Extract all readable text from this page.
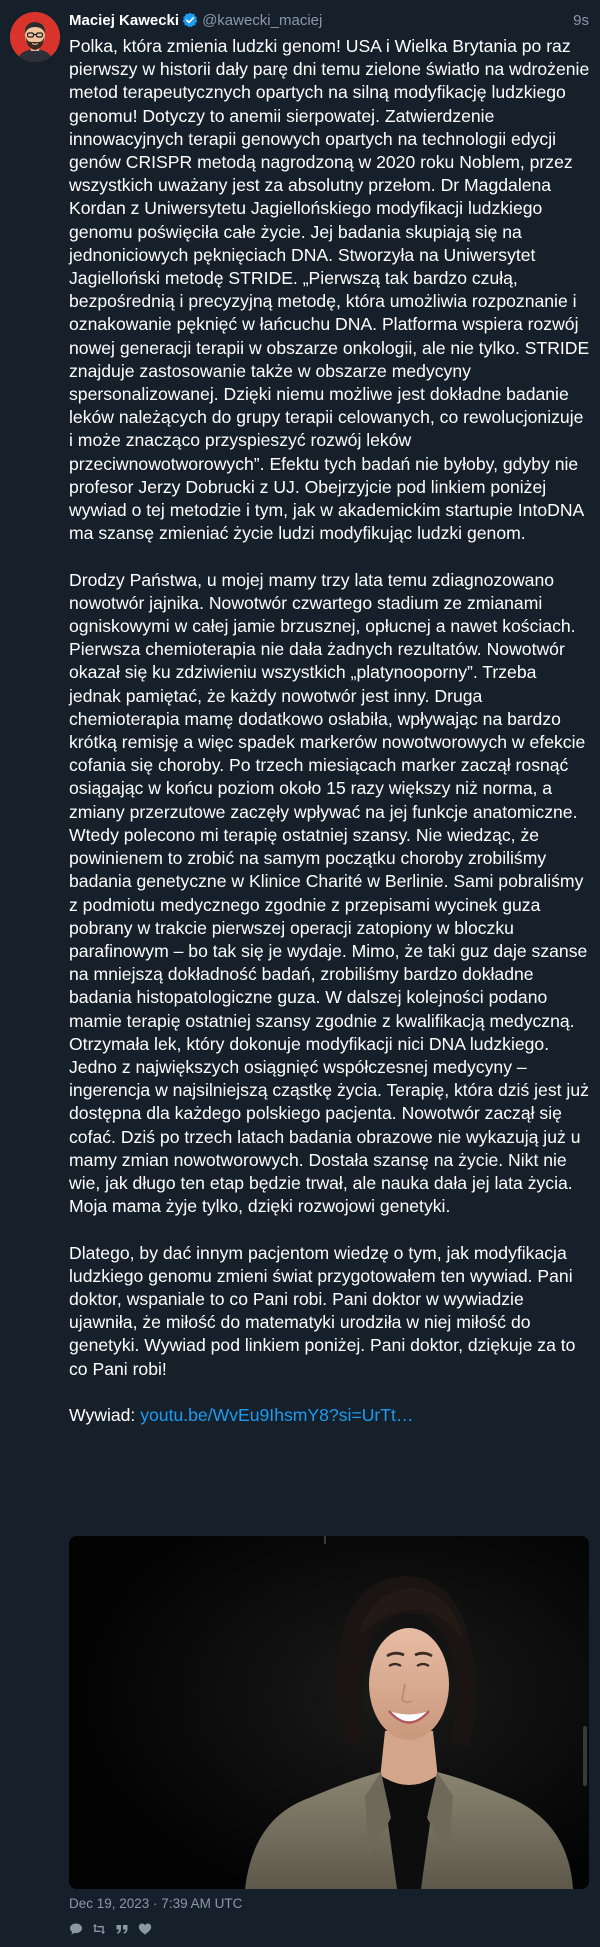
Maciej Kawecki @kawecki_maciej	9s

Polka, która zmienia ludzki genom! USA i Wielka Brytania po raz pierwszy w historii dały parę dni temu zielone światło na wdrożenie metod terapeutycznych opartych na silną modyfikację ludzkiego genomu! Dotyczy to anemii sierpowatej. Zatwierdzenie innowacyjnych terapii genowych opartych na technologii edycji genów CRISPR metodą nagrodzoną w 2020 roku Noblem, przez wszystkich uważany jest za absolutny przełom. Dr Magdalena Kordan z Uniwersytetu Jagiellońskiego modyfikacji ludzkiego genomu poświęciła całe życie. Jej badania skupiają się na jednoniciowych pęknięciach DNA. Stworzyła na Uniwersytet Jagielloński metodę STRIDE. „Pierwszą tak bardzo czułą, bezpośrednią i precyzyjną metodę, która umożliwia rozpoznanie i oznakowanie pęknięć w łańcuchu DNA. Platforma wspiera rozwój nowej generacji terapii w obszarze onkologii, ale nie tylko. STRIDE znajduje zastosowanie także w obszarze medycyny spersonalizowanej. Dzięki niemu możliwe jest dokładne badanie leków należących do grupy terapii celowanych, co rewolucjonizuje i może znacząco przyspieszyć rozwój leków przeciwnowotworowych”. Efektu tych badań nie byłoby, gdyby nie profesor Jerzy Dobrucki z UJ. Obejrzyjcie pod linkiem poniżej wywiad o tej metodzie i tym, jak w akademickim startupie IntoDNA ma szansę zmieniać życie ludzi modyfikując ludzki genom.

Drodzy Państwa, u mojej mamy trzy lata temu zdiagnozowano nowotwór jajnika. Nowotwór czwartego stadium ze zmianami ogniskowymi w całej jamie brzusznej, opłucnej a nawet kościach. Pierwsza chemioterapia nie dała żadnych rezultatów. Nowotwór okazał się ku zdziwieniu wszystkich „platynooporny”. Trzeba jednak pamiętać, że każdy nowotwór jest inny. Druga chemioterapia mamę dodatkowo osłabiła, wpływając na bardzo krótką remisję a więc spadek markerów nowotworowych w efekcie cofania się choroby. Po trzech miesiącach marker zaczął rosnąć osiągając w końcu poziom około 15 razy większy niż norma, a zmiany przerzutowe zaczęły wpływać na jej funkcje anatomiczne. Wtedy polecono mi terapię ostatniej szansy. Nie wiedząc, że powinienem to zrobić na samym początku choroby zrobiliśmy badania genetyczne w Klinice Charité w Berlinie. Sami pobraliśmy z podmiotu medycznego zgodnie z przepisami wycinek guza pobrany w trakcie pierwszej operacji zatopiony w bloczku parafinowym – bo tak się je wydaje. Mimo, że taki guz daje szanse na mniejszą dokładność badań, zrobiliśmy bardzo dokładne badania histopatologiczne guza. W dalszej kolejności podano mamie terapię ostatniej szansy zgodnie z kwalifikacją medyczną. Otrzymała lek, który dokonuje modyfikacji nici DNA ludzkiego. Jedno z największych osiągnięć współczesnej medycyny – ingerencja w najsilniejszą cząstkę życia. Terapię, która dziś jest już dostępna dla każdego polskiego pacjenta. Nowotwór zaczął się cofać. Dziś po trzech latach badania obrazowe nie wykazują już u mamy zmian nowotworowych. Dostała szansę na życie. Nikt nie wie, jak długo ten etap będzie trwał, ale nauka dała jej lata życia. Moja mama żyje tylko, dzięki rozwojowi genetyki.

Dlatego, by dać innym pacjentom wiedzę o tym, jak modyfikacja ludzkiego genomu zmieni świat przygotowałem ten wywiad. Pani doktor, wspaniale to co Pani robi. Pani doktor w wywiadzie ujawniła, że miłość do matematyki urodziła w niej miłość do genetyki. Wywiad pod linkiem poniżej. Pani doktor, dziękuje za to co Pani robi!

Wywiad: youtu.be/WvEu9IhsmY8?si=UrTt…

Dec 19, 2023 · 7:39 AM UTC
